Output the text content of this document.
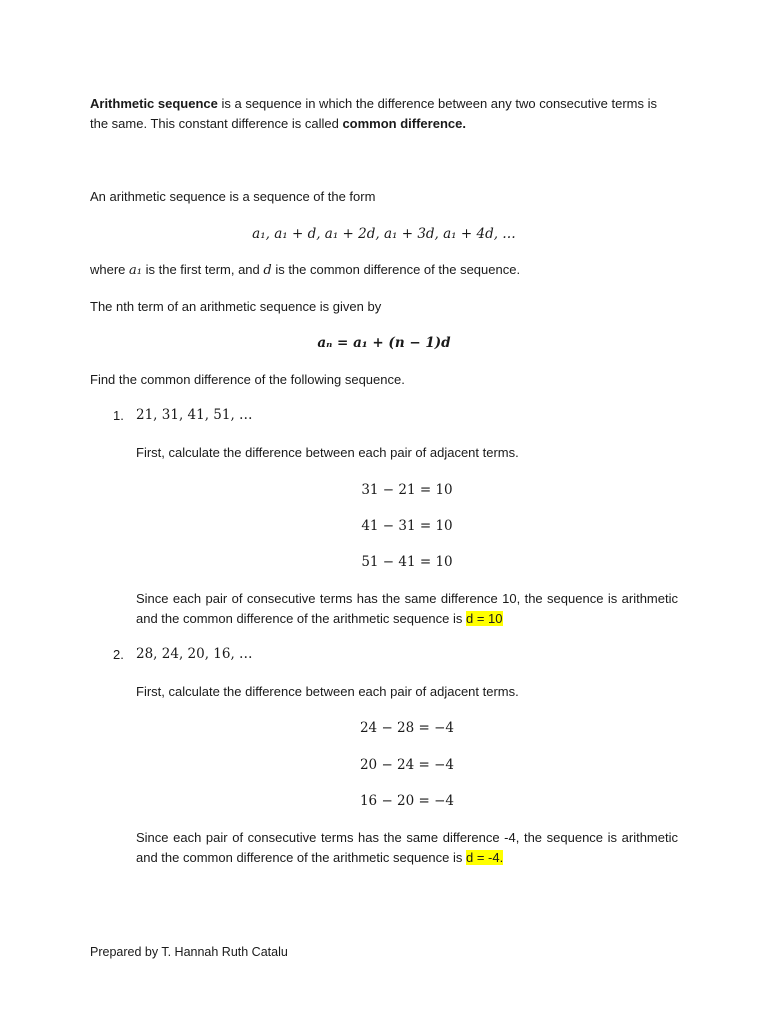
Arithmetic sequence is a sequence in which the difference between any two consecutive terms is the same. This constant difference is called common difference.

An arithmetic sequence is a sequence of the form

a₁, a₁ + d, a₁ + 2d, a₁ + 3d, a₁ + 4d, …

where a₁ is the first term, and d is the common difference of the sequence.

The nth term of an arithmetic sequence is given by

aₙ = a₁ + (n − 1)d

Find the common difference of the following sequence.

1. 21, 31, 41, 51, …

First, calculate the difference between each pair of adjacent terms.

31 − 21 = 10
41 − 31 = 10
51 − 41 = 10

Since each pair of consecutive terms has the same difference 10, the sequence is arithmetic and the common difference of the arithmetic sequence is d = 10

2. 28, 24, 20, 16, …

First, calculate the difference between each pair of adjacent terms.

24 − 28 = −4
20 − 24 = −4
16 − 20 = −4

Since each pair of consecutive terms has the same difference -4, the sequence is arithmetic and the common difference of the arithmetic sequence is d = -4.

Prepared by T. Hannah Ruth Catalu
